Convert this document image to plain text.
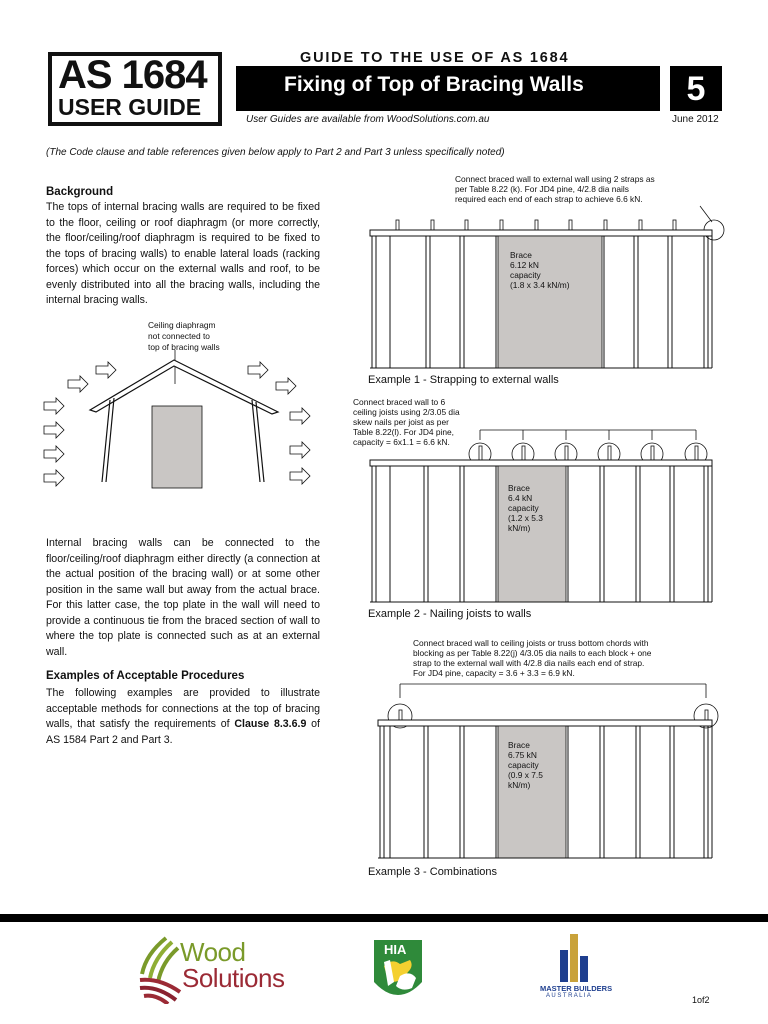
AS 1684
USER GUIDE
GUIDE TO THE USE OF AS 1684
Fixing of Top of Bracing Walls	5
User Guides are available from WoodSolutions.com.au	June 2012
(The Code clause and table references given below apply to Part 2 and Part 3 unless specifically noted)
Background
The tops of internal bracing walls are required to be fixed to the floor, ceiling or roof diaphragm (or more correctly, the floor/ceiling/roof diaphragm is required to be fixed to the tops of bracing walls) to enable lateral loads (racking forces) which occur on the external walls and roof, to be evenly distributed into all the bracing walls, including the internal bracing walls.
Ceiling diaphragm
not connected to
top of bracing walls
Internal bracing walls can be connected to the floor/ceiling/roof diaphragm either directly (a connection at the actual position of the bracing wall) or at some other position in the same wall but away from the actual brace. For this latter case, the top plate in the wall will need to provide a continuous tie from the braced section of wall to where the top plate is connected such as at an external wall.
Examples of Acceptable Procedures
The following examples are provided to illustrate acceptable methods for connections at the top of bracing walls, that satisfy the requirements of Clause 8.3.6.9 of AS 1584 Part 2 and Part 3.
Connect braced wall to external wall using 2 straps as
per Table 8.22 (k). For JD4 pine, 4/2.8 dia nails
required each end of each strap to achieve 6.6 kN.
Brace
6.12 kN
capacity
(1.8 x 3.4 kN/m)
Example 1 - Strapping to external walls
Connect braced wall to 6
ceiling joists using 2/3.05 dia
skew nails per joist as per
Table 8.22(l). For JD4 pine,
capacity = 6x1.1 = 6.6 kN.
Brace
6.4 kN
capacity
(1.2 x 5.3
kN/m)
Example 2 - Nailing joists to walls
Connect braced wall to ceiling joists or truss bottom chords with
blocking as per Table 8.22(j) 4/3.05 dia nails to each block + one
strap to the external wall with 4/2.8 dia nails each end of strap.
For JD4 pine, capacity = 3.6 + 3.3 = 6.9 kN.
Brace
6.75 kN
capacity
(0.9 x 7.5
kN/m)
Example 3 - Combinations
Wood
Solutions
HIA
MASTER BUILDERS
A U S T R A L I A	1of2
